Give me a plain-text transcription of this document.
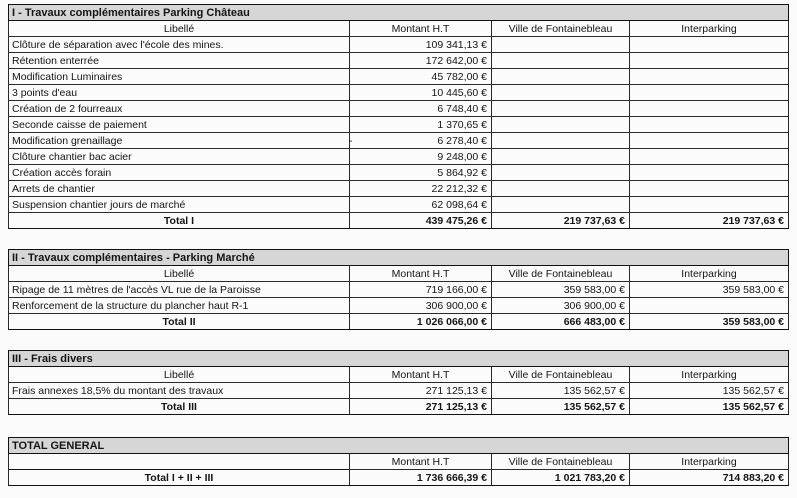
I - Travaux complémentaires Parking Château			
Libellé	Montant H.T	Ville de Fontainebleau	Interparking
Clôture de séparation avec l'école des mines.	109 341,13 €		
Rétention enterrée	172 642,00 €		
Modification Luminaires	45 782,00 €		
3 points d'eau	10 445,60 €		
Création de 2 fourreaux	6 748,40 €		
Seconde caisse de paiement	1 370,65 €		
Modification grenaillage	- 6 278,40 €		
Clôture chantier bac acier	9 248,00 €		
Création accès forain	5 864,92 €		
Arrets de chantier	22 212,32 €		
Suspension chantier jours de marché	62 098,64 €		
Total I	439 475,26 €	219 737,63 €	219 737,63 €
II - Travaux complémentaires - Parking Marché			
Libellé	Montant H.T	Ville de Fontainebleau	Interparking
Ripage de 11 mètres de l'accès VL rue de la Paroisse	719 166,00 €	359 583,00 €	359 583,00 €
Renforcement de la structure du plancher haut R-1	306 900,00 €	306 900,00 €	
Total II	1 026 066,00 €	666 483,00 €	359 583,00 €
III - Frais divers			
Libellé	Montant H.T	Ville de Fontainebleau	Interparking
Frais annexes 18,5% du montant des travaux	271 125,13 €	135 562,57 €	135 562,57 €
Total III	271 125,13 €	135 562,57 €	135 562,57 €
TOTAL GENERAL			
	Montant H.T	Ville de Fontainebleau	Interparking
Total I + II + III	1 736 666,39 €	1 021 783,20 €	714 883,20 €
